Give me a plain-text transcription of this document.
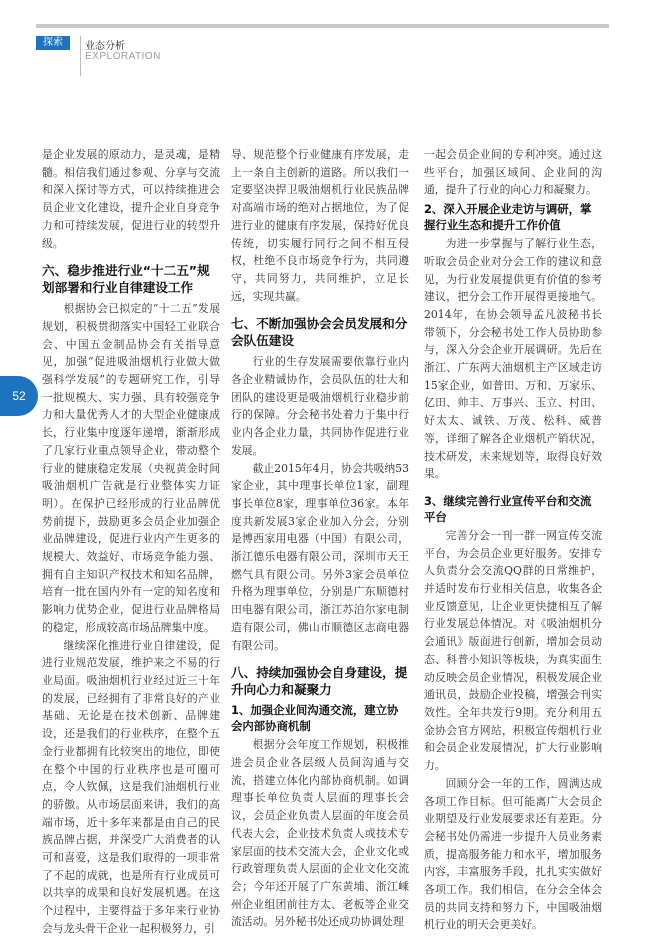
探索	业态分析
EXPLORATION
52

是企业发展的原动力，是灵魂，是精髓。相信我们通过参观、分享与交流和深入探讨等方式，可以持续推进会员企业文化建设，提升企业自身竞争力和可持续发展，促进行业的转型升级。

六、稳步推进行业“十二五”规划部署和行业自律建设工作

根据协会已拟定的“十二五”发展规划，积极贯彻落实中国轻工业联合会、中国五金制品协会有关指导意见，加强“促进吸油烟机行业做大做强科学发展”的专题研究工作，引导一批规模大、实力强、具有较强竞争力和大量优秀人才的大型企业健康成长，行业集中度逐年递增，渐渐形成了几家行业重点领导企业，带动整个行业的健康稳定发展（央视黄金时间吸油烟机广告就是行业整体实力证明）。在保护已经形成的行业品牌优势前提下，鼓励更多会员企业加强企业品牌建设，促进行业内产生更多的规模大、效益好、市场竞争能力强、拥有自主知识产权技术和知名品牌，培育一批在国内外有一定的知名度和影响力优势企业，促进行业品牌格局的稳定，形成较高市场品牌集中度。

继续深化推进行业自律建设，促进行业规范发展，维护来之不易的行业局面。吸油烟机行业经过近三十年的发展，已经拥有了非常良好的产业基础、无论是在技术创新、品牌建设，还是我们的行业秩序，在整个五金行业都拥有比较突出的地位，即使在整个中国的行业秩序也是可圈可点，令人钦佩，这是我们油烟机行业的骄傲。从市场层面来讲，我们的高端市场，近十多年来都是由自己的民族品牌占据，并深受广大消费者的认可和喜爱，这是我们取得的一项非常了不起的成就，也是所有行业成员可以共享的成果和良好发展机遇。在这个过程中，主要得益于多年来行业协会与龙头骨干企业一起积极努力，引

导、规范整个行业健康有序发展，走上一条自主创新的道路。所以我们一定要坚决捍卫吸油烟机行业民族品牌对高端市场的绝对占据地位，为了促进行业的健康有序发展，保持好优良传统，切实履行同行之间不相互侵权，杜绝不良市场竞争行为，共同遵守，共同努力，共同维护，立足长远，实现共赢。

七、不断加强协会会员发展和分会队伍建设

行业的生存发展需要依靠行业内各企业精诚协作，会员队伍的壮大和团队的建设更是吸油烟机行业稳步前行的保障。分会秘书处着力于集中行业内各企业力量，共同协作促进行业发展。

截止2015年4月，协会共吸纳53家企业，其中理事长单位1家，副理事长单位8家，理事单位36家。本年度共新发展3家企业加入分会，分别是博西家用电器（中国）有限公司，浙江德乐电器有限公司，深圳市天王燃气具有限公司。另外3家会员单位升格为理事单位，分别是广东顺德村田电器有限公司，浙江苏泊尔家电制造有限公司，佛山市顺德区志商电器有限公司。

八、持续加强协会自身建设，提升向心力和凝聚力
1、加强企业间沟通交流，建立协会内部协商机制

根据分会年度工作规划，积极推进会员企业各层级人员间沟通与交流，搭建立体化内部协商机制。如调理事长单位负责人层面的理事长会议，会员企业负责人层面的年度会员代表大会，企业技术负责人或技术专家层面的技术交流大会，企业文化或行政管理负责人层面的企业文化交流会；今年还开展了广东黄埔、浙江嵊州企业组团前往方太、老板等企业交流活动。另外秘书处还成功协调处理

一起会员企业间的专利冲突。通过这些平台，加强区域间、企业间的沟通，提升了行业的向心力和凝聚力。

2、深入开展企业走访与调研，掌握行业生态和提升工作价值

为进一步掌握与了解行业生态，听取会员企业对分会工作的建议和意见，为行业发展提供更有价值的参考建议，把分会工作开展得更接地气。2014年，在协会领导孟凡波秘书长带领下，分会秘书处工作人员协助参与，深入分会企业开展调研。先后在浙江、广东两大油烟机主产区域走访15家企业，如普田、万和、万家乐、亿田、帅丰、万事兴、玉立、村田、好太太、诚铁、万茂、松科、威普等，详细了解各企业烟机产销状况，技术研发，未来规划等，取得良好效果。

3、继续完善行业宣传平台和交流平台

完善分会一刊一群一网宣传交流平台，为会员企业更好服务。安排专人负责分会交流QQ群的日常维护，并适时发布行业相关信息，收集各企业反馈意见，让企业更快捷相互了解行业发展总体情况。对《吸油烟机分会通讯》版面进行创新，增加会员动态、科普小知识等板块，为真实面生动反映会员企业情况，积极发展企业通讯员，鼓励企业投稿，增强会刊实效性。全年共发行9期。充分利用五金协会官方网站，积极宣传烟机行业和会员企业发展情况，扩大行业影响力。

回顾分会一年的工作，圆满达成各项工作目标。但可能离广大会员企业期望及行业发展要求还有差距。分会秘书处仍需进一步提升人员业务素质，提高服务能力和水平，增加服务内容，丰富服务手段，扎扎实实做好各项工作。我们相信，在分会全体会员的共同支持和努力下，中国吸油烟机行业的明天会更美好。
